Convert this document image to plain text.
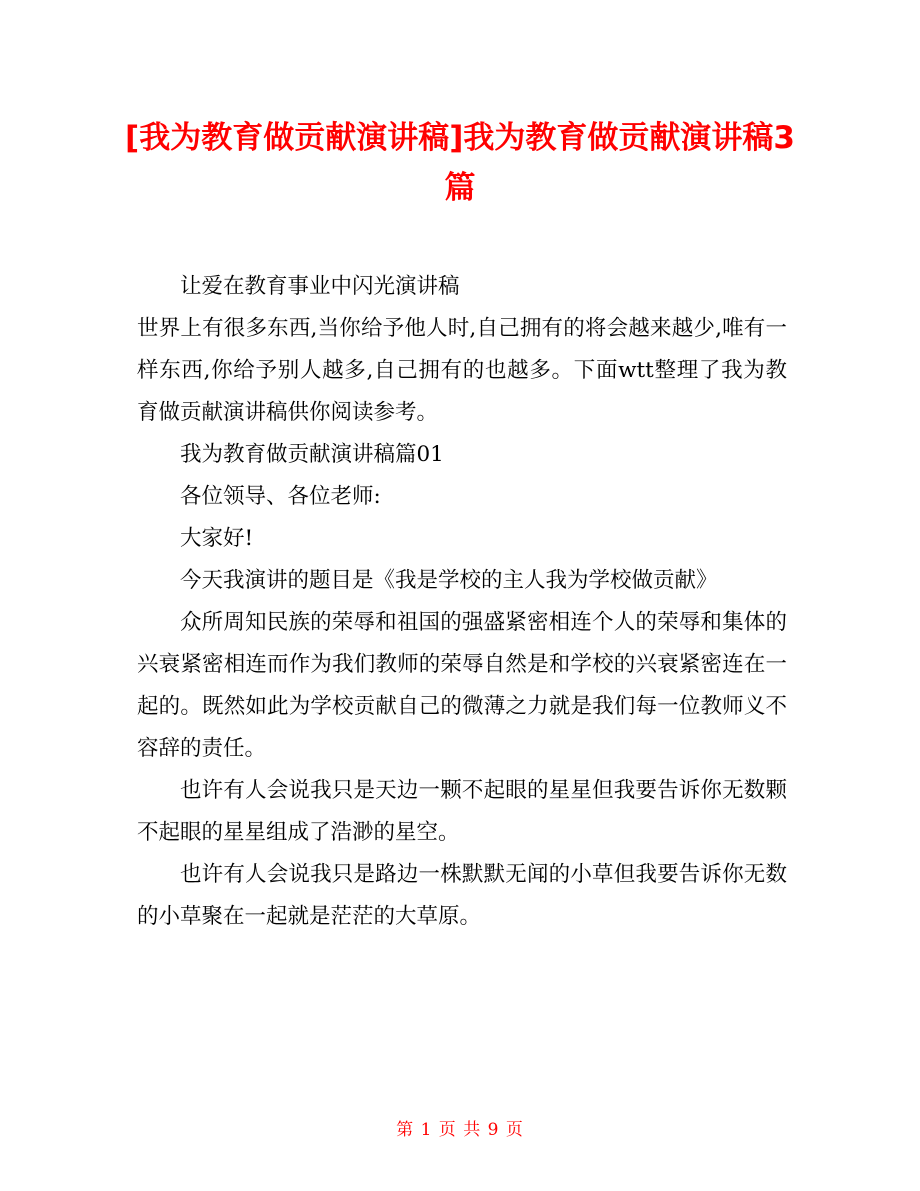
[我为教育做贡献演讲稿]我为教育做贡献演讲稿3篇

让爱在教育事业中闪光演讲稿

世界上有很多东西,当你给予他人时,自己拥有的将会越来越少,唯有一样东西,你给予别人越多,自己拥有的也越多。下面wtt整理了我为教育做贡献演讲稿供你阅读参考。

我为教育做贡献演讲稿篇01

各位领导、各位老师:

大家好!

今天我演讲的题目是《我是学校的主人我为学校做贡献》

众所周知民族的荣辱和祖国的强盛紧密相连个人的荣辱和集体的兴衰紧密相连而作为我们教师的荣辱自然是和学校的兴衰紧密连在一起的。既然如此为学校贡献自己的微薄之力就是我们每一位教师义不容辞的责任。

也许有人会说我只是天边一颗不起眼的星星但我要告诉你无数颗不起眼的星星组成了浩渺的星空。

也许有人会说我只是路边一株默默无闻的小草但我要告诉你无数的小草聚在一起就是茫茫的大草原。

第 1 页 共 9 页
